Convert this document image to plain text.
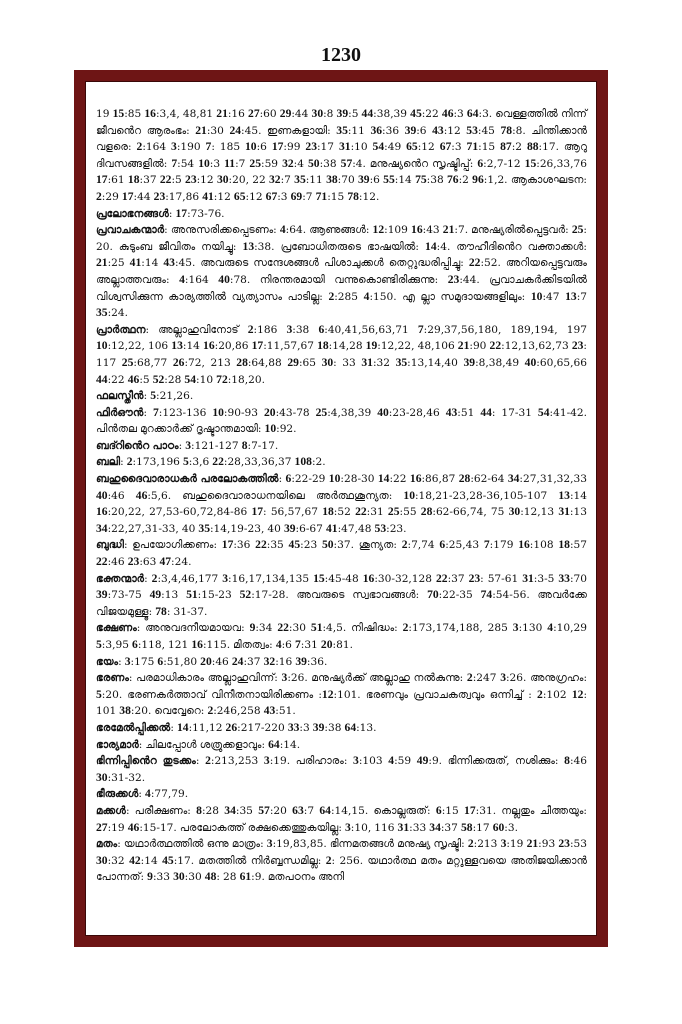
1230

19 15:85 16:3,4, 48,81 21:16 27:60 29:44 30:8 39:5 44:38,39 45:22 46:3 64:3. വെള്ളത്തിൽ നിന്ന് ജീവൻെറ ആരംഭം: 21:30 24:45. ഇണകളായി: 35:11 36:36 39:6 43:12 53:45 78:8. ചിന്തിക്കാൻ വളരെ: 2:164 3:190 7: 185 10:6 17:99 23:17 31:10 54:49 65:12 67:3 71:15 87:2 88:17. ആറു ദിവസങ്ങളിൽ: 7:54 10:3 11:7 25:59 32:4 50:38 57:4. മനുഷ്യൻെറ സൃഷ്ടിപ്പ്: 6:2,7-12 15:26,33,76 17:61 18:37 22:5 23:12 30:20, 22 32:7 35:11 38:70 39:6 55:14 75:38 76:2 96:1,2. ആകാശഘടന: 2:29 17:44 23:17,86 41:12 65:12 67:3 69:7 71:15 78:12.

പ്രലോഭനങ്ങൾ: 17:73-76.

പ്രവാചകന്മാർ: അനുസരിക്കപ്പെടണം: 4:64. ആണുങ്ങൾ: 12:109 16:43 21:7. മനുഷ്യരിൽപ്പെട്ടവർ: 25: 20. കുടുംബ ജീവിതം നയിച്ചു: 13:38. പ്രബോധിതരുടെ ഭാഷയിൽ: 14:4. തൗഹീദിൻെറ വക്താക്കൾ: 21:25 41:14 43:45. അവരുടെ സന്ദേശങ്ങൾ പിശാചുക്കൾ തെറ്റുദ്ധരിപ്പിച്ചു: 22:52. അറിയപ്പെട്ടവരും അല്ലാത്തവരും: 4:164 40:78. നിരന്തരമായി വന്നുകൊണ്ടിരിക്കുന്നു: 23:44. പ്രവാചകർക്കിടയിൽ വിശ്വസിക്കുന്ന കാര്യത്തിൽ വ്യത്യാസം പാടില്ല: 2:285 4:150. എ ല്ലാ സമുദായങ്ങളിലും: 10:47 13:7 35:24.

പ്രാർത്ഥന: അല്ലാഹുവിനോട് 2:186 3:38 6:40,41,56,63,71 7:29,37,56,180, 189,194, 197 10:12,22, 106 13:14 16:20,86 17:11,57,67 18:14,28 19:12,22, 48,106 21:90 22:12,13,62,73 23: 117 25:68,77 26:72, 213 28:64,88 29:65 30: 33 31:32 35:13,14,40 39:8,38,49 40:60,65,66 44:22 46:5 52:28 54:10 72:18,20.

ഫലസ്തീൻ: 5:21,26.

ഫിർഔൻ: 7:123-136 10:90-93 20:43-78 25:4,38,39 40:23-28,46 43:51 44: 17-31 54:41-42. പിൻതല മുറക്കാർക്ക് ദൃഷ്ടാന്തമായി: 10:92.

ബദ്റിൻെറ പാഠം: 3:121-127 8:7-17.

ബലി: 2:173,196 5:3,6 22:28,33,36,37 108:2.

ബഹുദൈവാരാധകർ പരലോകത്തിൽ: 6:22-29 10:28-30 14:22 16:86,87 28:62-64 34:27,31,32,33 40:46 46:5,6. ബഹുദൈവാരാധനയിലെ അർത്ഥശൂന്യത: 10:18,21-23,28-36,105-107 13:14 16:20,22, 27,53-60,72,84-86 17: 56,57,67 18:52 22:31 25:55 28:62-66,74, 75 30:12,13 31:13 34:22,27,31-33, 40 35:14,19-23, 40 39:6-67 41:47,48 53:23.

ബുദ്ധി: ഉപയോഗിക്കണം: 17:36 22:35 45:23 50:37. ശൂന്യത: 2:7,74 6:25,43 7:179 16:108 18:57 22:46 23:63 47:24.

ഭക്തന്മാർ: 2:3,4,46,177 3:16,17,134,135 15:45-48 16:30-32,128 22:37 23: 57-61 31:3-5 33:70 39:73-75 49:13 51:15-23 52:17-28. അവരുടെ സ്വഭാവങ്ങൾ: 70:22-35 74:54-56. അവർക്കേ വിജയമുള്ളൂ: 78: 31-37.

ഭക്ഷണം: അനുവദനീയമായവ: 9:34 22:30 51:4,5. നിഷിദ്ധം: 2:173,174,188, 285 3:130 4:10,29 5:3,95 6:118, 121 16:115. മിതത്വം: 4:6 7:31 20:81.

ഭയം: 3:175 6:51,80 20:46 24:37 32:16 39:36.

ഭരണം: പരമാധികാരം അല്ലാഹുവിന്ന്: 3:26. മനുഷ്യർക്ക് അല്ലാഹു നൽകുന്നു: 2:247 3:26. അനുഗ്രഹം: 5:20. ഭരണകർത്താവ് വിനീതനായിരിക്കണം :12:101. ഭരണവും പ്രവാചകത്വവും ഒന്നിച്ച് : 2:102 12: 101 38:20. വെവ്വേറെ: 2:246,258 43:51.

ഭരമേൽപ്പിക്കൽ: 14:11,12 26:217-220 33:3 39:38 64:13.

ഭാര്യമാർ: ചിലപ്പോൾ ശത്രുക്കളാവും: 64:14.

ഭിന്നിപ്പിൻെറ തുടക്കം: 2:213,253 3:19. പരിഹാരം: 3:103 4:59 49:9. ഭിന്നിക്കരുത്, നശിക്കും: 8:46 30:31-32.

ഭീരുക്കൾ: 4:77,79.

മക്കൾ: പരീക്ഷണം: 8:28 34:35 57:20 63:7 64:14,15. കൊല്ലരുത്: 6:15 17:31. നല്ലതും ചീത്തയും: 27:19 46:15-17. പരലോകത്ത് രക്ഷക്കെത്തുകയില്ല: 3:10, 116 31:33 34:37 58:17 60:3.

മതം: യഥാർത്ഥത്തിൽ ഒന്നു മാത്രം: 3:19,83,85. ഭിന്നമതങ്ങൾ മനുഷ്യ സൃഷ്ടി: 2:213 3:19 21:93 23:53 30:32 42:14 45:17. മതത്തിൽ നിർബ്ബന്ധമില്ല: 2: 256. യഥാർത്ഥ മതം മറ്റുള്ളവയെ അതിജയിക്കാൻ പോന്നത്: 9:33 30:30 48: 28 61:9. മതപഠനം അനി
